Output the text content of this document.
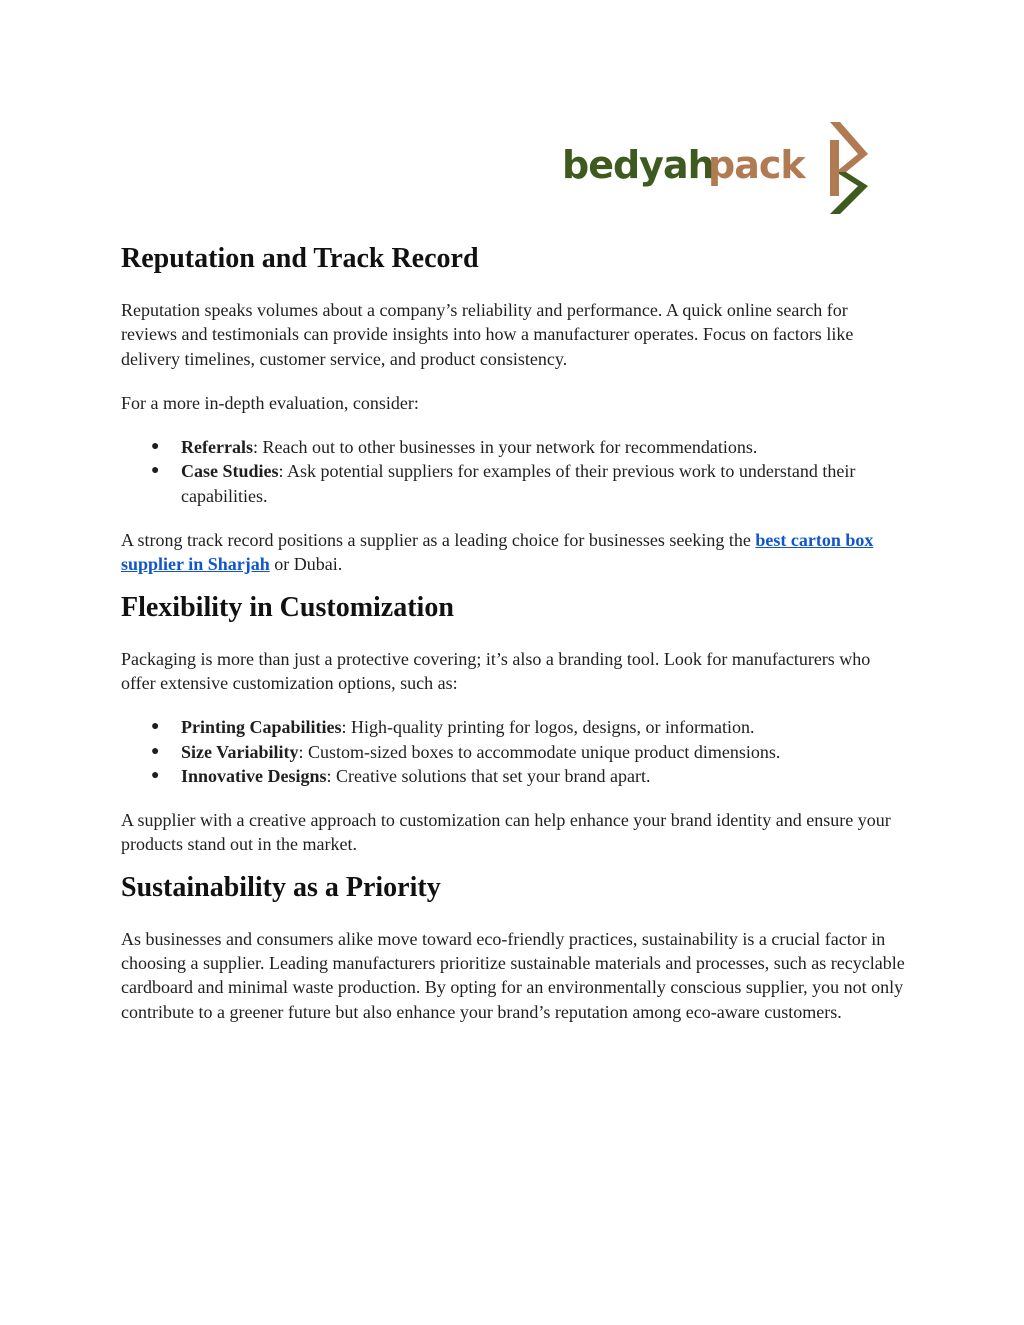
bedyah
pack
Reputation and Track Record

Reputation speaks volumes about a company’s reliability and performance. A quick online search for reviews and testimonials can provide insights into how a manufacturer operates. Focus on factors like delivery timelines, customer service, and product consistency.

For a more in-depth evaluation, consider:

● Referrals: Reach out to other businesses in your network for recommendations.
● Case Studies: Ask potential suppliers for examples of their previous work to understand their capabilities.

A strong track record positions a supplier as a leading choice for businesses seeking the best carton box supplier in Sharjah or Dubai.

Flexibility in Customization

Packaging is more than just a protective covering; it’s also a branding tool. Look for manufacturers who offer extensive customization options, such as:

● Printing Capabilities: High-quality printing for logos, designs, or information.
● Size Variability: Custom-sized boxes to accommodate unique product dimensions.
● Innovative Designs: Creative solutions that set your brand apart.

A supplier with a creative approach to customization can help enhance your brand identity and ensure your products stand out in the market.

Sustainability as a Priority

As businesses and consumers alike move toward eco-friendly practices, sustainability is a crucial factor in choosing a supplier. Leading manufacturers prioritize sustainable materials and processes, such as recyclable cardboard and minimal waste production. By opting for an environmentally conscious supplier, you not only contribute to a greener future but also enhance your brand’s reputation among eco-aware customers.
